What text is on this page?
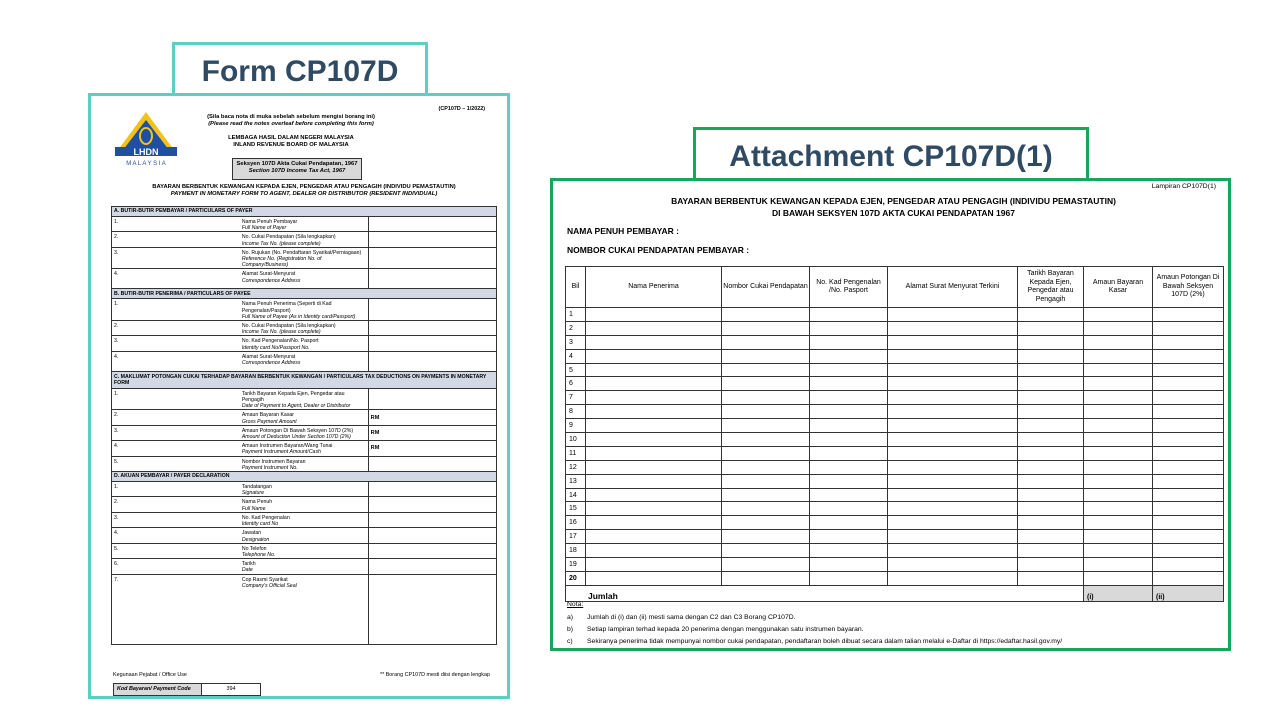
Form CP107D
LHDN
M A L A Y S I A
(CP107D – 1/2022)
(Sila baca nota di muka sebelah sebelum mengisi borang ini)
(Please read the notes overleaf before completing this form)
LEMBAGA HASIL DALAM NEGERI MALAYSIA
INLAND REVENUE BOARD OF MALAYSIA
Seksyen 107D Akta Cukai Pendapatan, 1967
Section 107D Income Tax Act, 1967
BAYARAN BERBENTUK KEWANGAN KEPADA EJEN, PENGEDAR ATAU PENGAGIH (INDIVIDU PEMASTAUTIN)
PAYMENT IN MONETARY FORM TO AGENT, DEALER OR DISTRIBUTOR (RESIDENT INDIVIDUAL)
A. BUTIR-BUTIR PEMBAYAR / PARTICULARS OF PAYER		
1.	Nama Penuh Pembayar
Full Name of Payer	

2.	No. Cukai Pendapatan (Sila lengkapkan)
Income Tax No. (please complete)	

3.	No. Rujukan (No. Pendaftaran Syarikat/Perniagaan)
Reference No. (Registration No. of Company/Business)	

4.	Alamat Surat-Menyurat
Correspondence Address	

B. BUTIR-BUTIR PENERIMA / PARTICULARS OF PAYEE		
1.	Nama Penuh Penerima (Seperti di Kad Pengenalan/Pasport)
Full Name of Payee (As in Identity card/Passport)	

2.	No. Cukai Pendapatan (Sila lengkapkan)
Income Tax No. (please complete)	

3.	No. Kad Pengenalan/No. Pasport
Identity card No/Passport No.	

4.	Alamat Surat-Menyurat
Correspondence Address	

C. MAKLUMAT POTONGAN CUKAI TERHADAP BAYARAN BERBENTUK KEWANGAN / PARTICULARS TAX DEDUCTIONS ON PAYMENTS IN MONETARY FORM		
1.	Tarikh Bayaran Kepada Ejen, Pengedar atau Pengagih
Date of Payment to Agent, Dealer or Distributor	

2.	Amaun Bayaran Kasar
Gross Payment Amount	RM
3.	Amaun Potongan Di Bawah Seksyen 107D (2%)
Amount of Deduction Under Section 107D (2%)	RM
4.	Amaun Instrumen Bayaran/Wang Tunai
Payment Instrument Amount/Cash	RM
5.	Nombor Instrumen Bayaran
Payment Instrument No.	

D. AKUAN PEMBAYAR / PAYER DECLARATION		
1.	Tandatangan
Signature	

2.	Nama Penuh
Full Name	

3.	No. Kad Pengenalan
Identity card No	

4.	Jawatan
Designation	

5.	No Telefon
Telephone No.	

6.	Tarikh
Date	

7.	Cop Rasmi Syarikat
Company's Official Seal	

Kegunaan Pejabat / Office Use	** Borang CP107D mesti diisi dengan lengkap
Kod Bayaran/ Payment Code	394
Attachment CP107D(1)
Lampiran CP107D(1)
BAYARAN BERBENTUK KEWANGAN KEPADA EJEN, PENGEDAR ATAU PENGAGIH (INDIVIDU PEMASTAUTIN)
DI BAWAH SEKSYEN 107D AKTA CUKAI PENDAPATAN 1967
NAMA PENUH PEMBAYAR :
NOMBOR CUKAI PENDAPATAN PEMBAYAR :
Bil	Nama Penerima	Nombor Cukai Pendapatan	No. Kad Pengenalan /No. Pasport	Alamat Surat Menyurat Terkini	Tarikh Bayaran Kepada Ejen, Pengedar atau Pengagih	Amaun Bayaran Kasar	Amaun Potongan Di Bawah Seksyen 107D (2%)
1							
2							
3							
4							
5							
6							
7							
8							
9							
10							
11							
12							
13							
14							
15							
16							
17							
18							
19							
20							
Jumlah						(i)	(ii)
Nota:
a) Jumlah di (i) dan (ii) mesti sama dengan C2 dan C3 Borang CP107D.
b) Setiap lampiran terhad kepada 20 penerima dengan menggunakan satu instrumen bayaran.
c) Sekiranya penerima tidak mempunyai nombor cukai pendapatan, pendaftaran boleh dibuat secara dalam talian melalui e-Daftar di https://edaftar.hasil.gov.my/
